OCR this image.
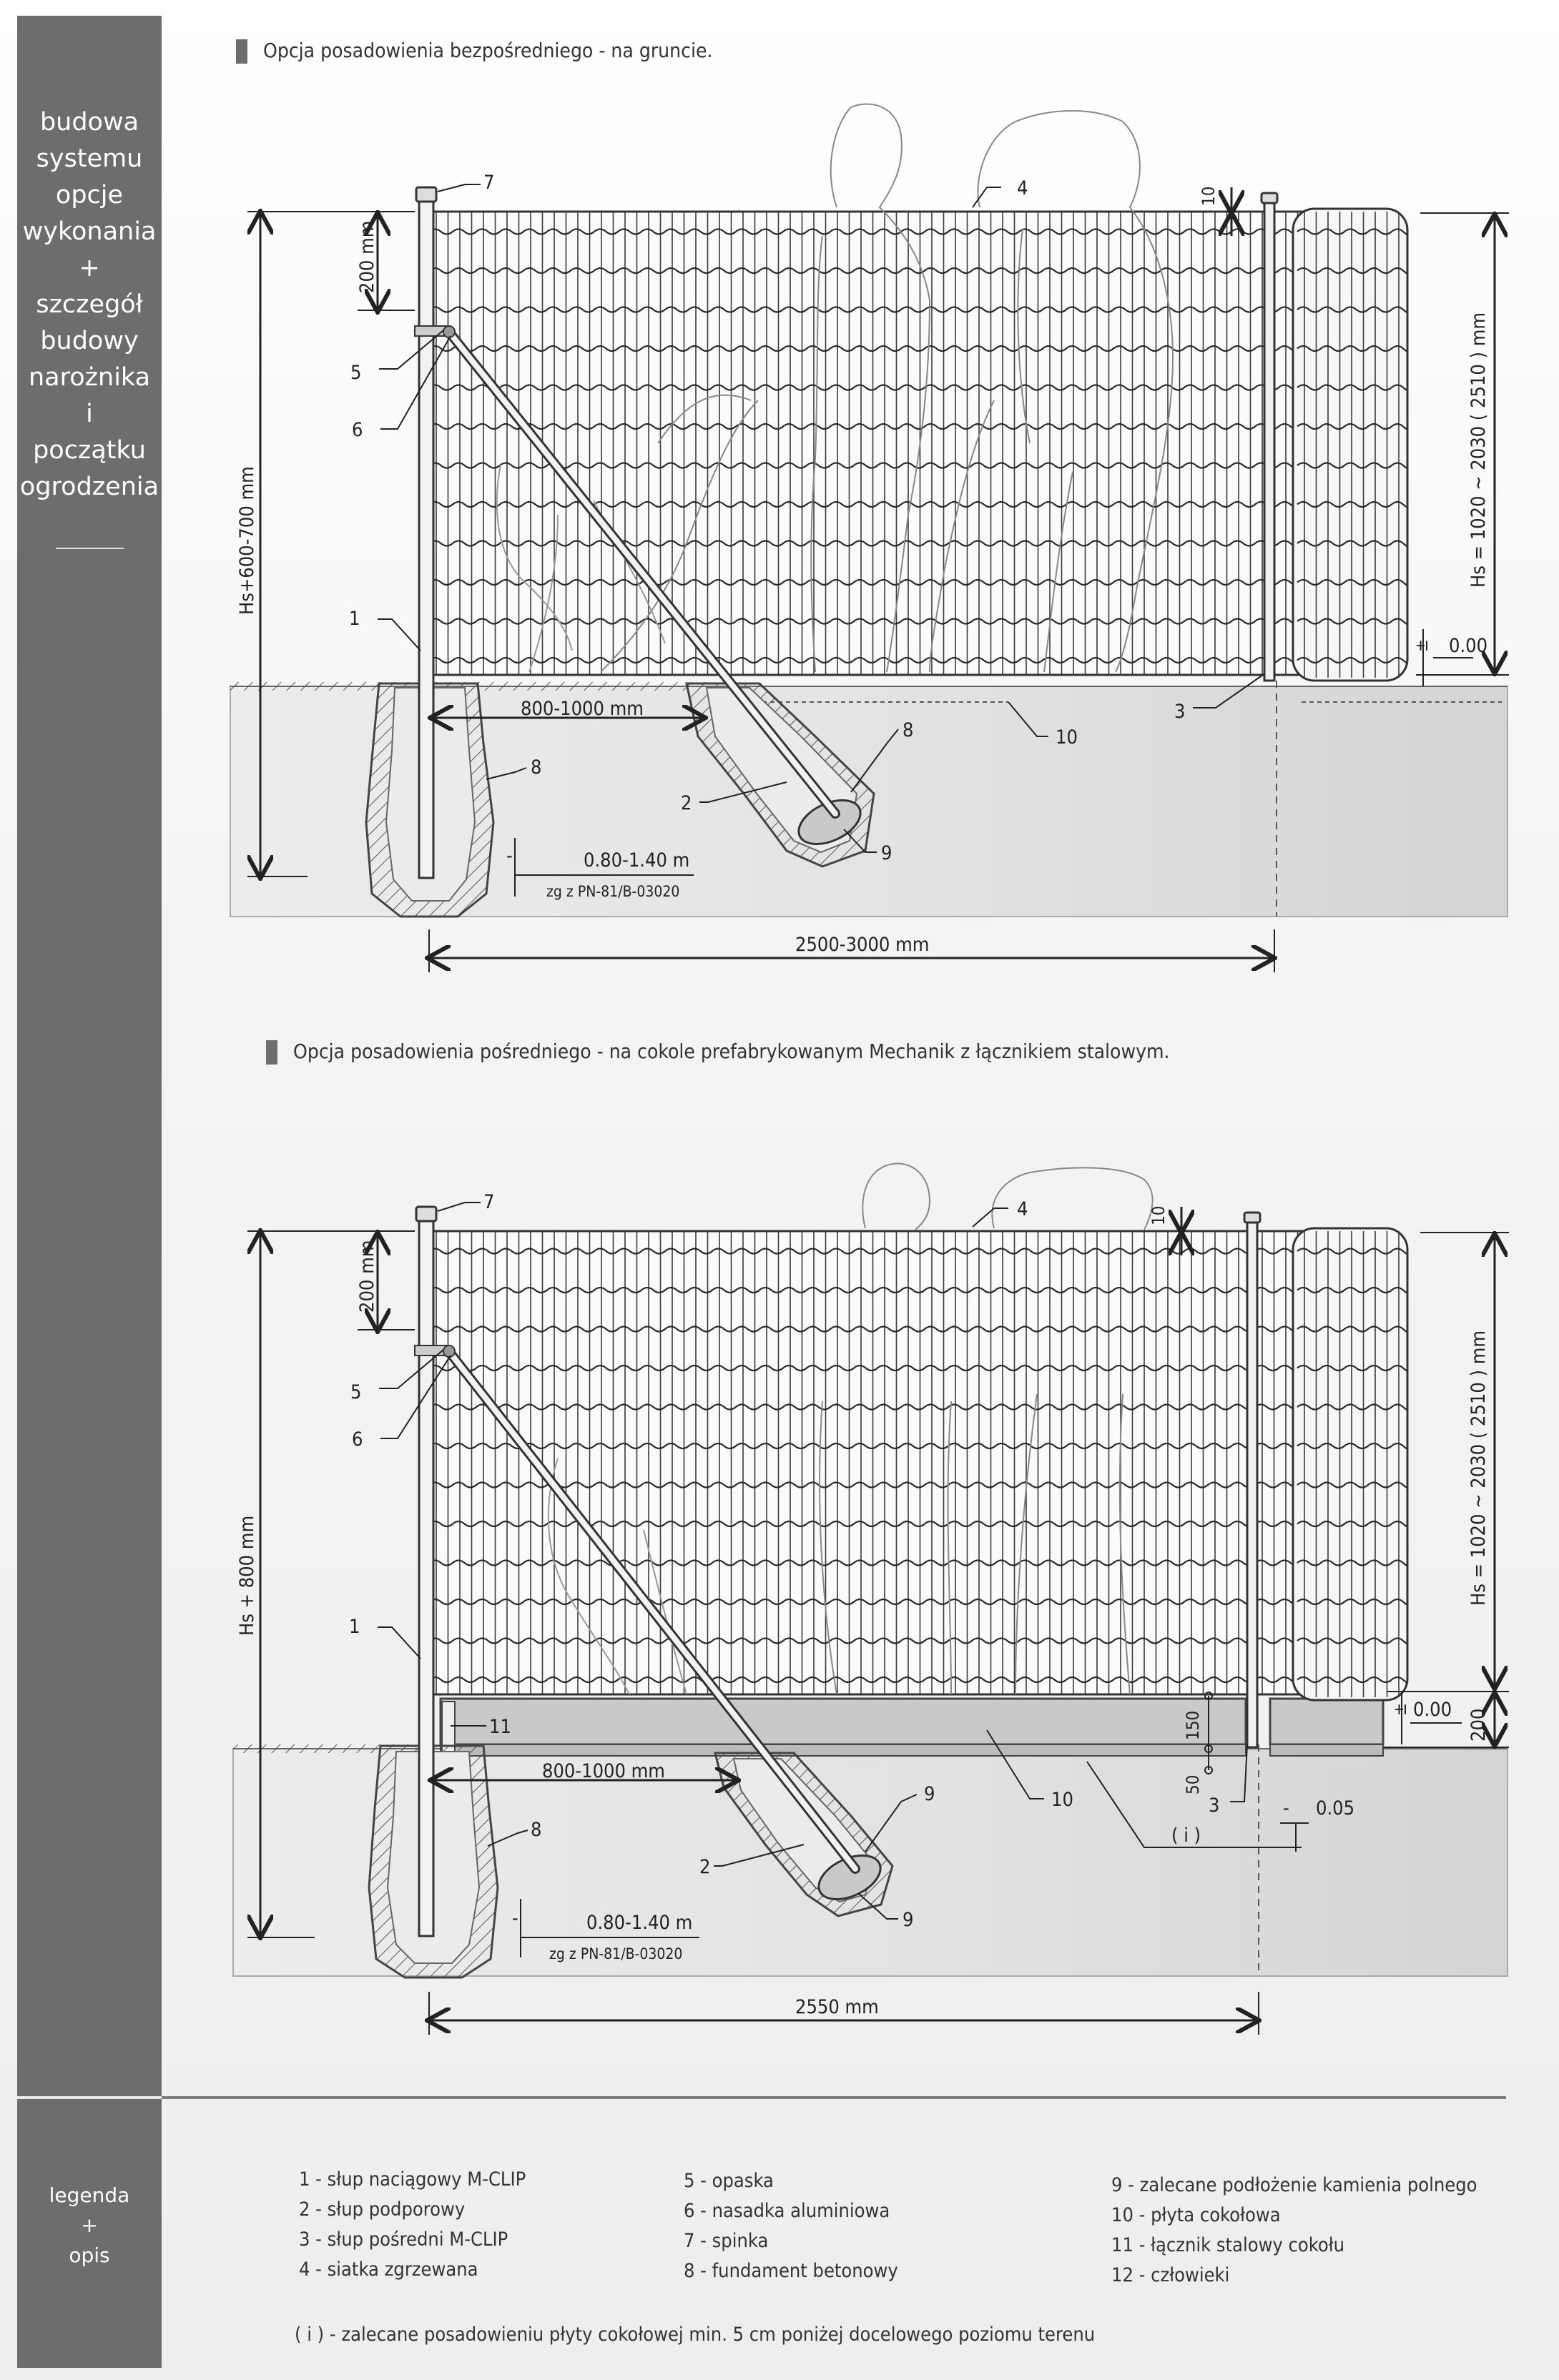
budowa
systemu
opcje
wykonania
+
szczegół
budowy
narożnika
i
początku
ogrodzenia
legenda
+
opis
Opcja posadowienia bezpośredniego - na gruncie.
Opcja posadowienia pośredniego - na cokole prefabrykowanym Mechanik z łącznikiem stalowym.
7	4
5
6
1
2
8
9
10
8
3
200 mm
Hs+600-700 mm
800-1000 mm
2500-3000 mm
Hs = 1020 ~ 2030 ( 2510 ) mm
0.00
±
10
-	0.80-1.40 m
zg z PN-81/B-03020
7	4
5
6
1
11
2
9
9
10
8
3
200 mm
Hs + 800 mm
800-1000 mm
2550 mm
Hs = 1020 ~ 2030 ( 2510 ) mm
0.00
±	200
10
150
50
- 0.05
( i )
-	0.80-1.40 m
zg z PN-81/B-03020
1 - słup naciągowy M-CLIP
2 - słup podporowy
3 - słup pośredni M-CLIP
4 - siatka zgrzewana
5 - opaska
6 - nasadka aluminiowa
7 - spinka
8 - fundament betonowy
9 - zalecane podłożenie kamienia polnego
10 - płyta cokołowa
11 - łącznik stalowy cokołu
12 - człowieki
( i ) - zalecane posadowieniu płyty cokołowej min. 5 cm poniżej docelowego poziomu terenu
